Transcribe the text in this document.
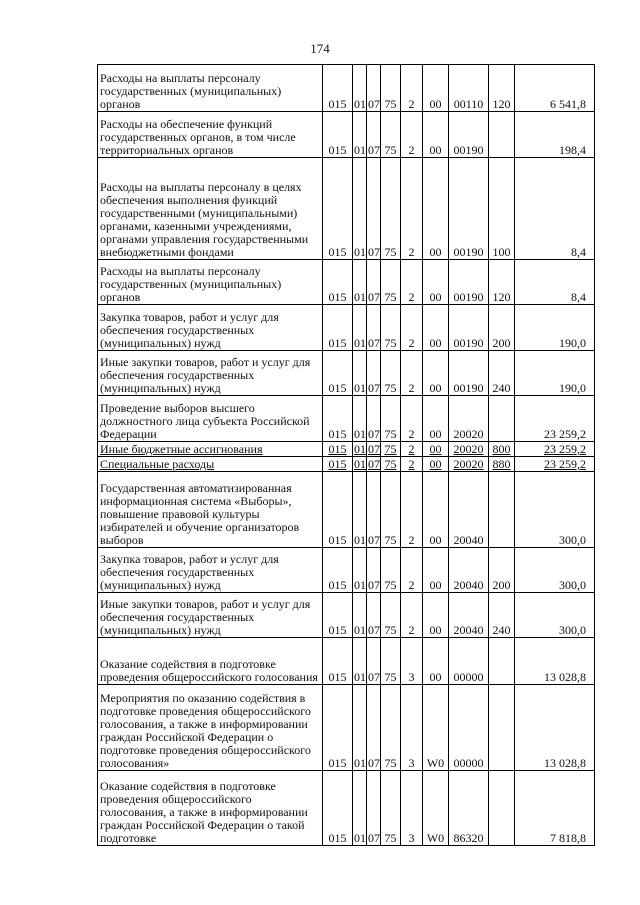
174
Расходы на выплаты персоналу государственных (муниципальных) органов	015	01	07	75	2	00	00110	120	6 541,8
Расходы на обеспечение функций государственных органов, в том числе территориальных органов	015	01	07	75	2	00	00190		198,4
Расходы на выплаты персоналу в целях обеспечения выполнения функций государственными (муниципальными) органами, казенными учреждениями, органами управления государственными внебюджетными фондами	015	01	07	75	2	00	00190	100	8,4
Расходы на выплаты персоналу государственных (муниципальных) органов	015	01	07	75	2	00	00190	120	8,4
Закупка товаров, работ и услуг для обеспечения государственных (муниципальных) нужд	015	01	07	75	2	00	00190	200	190,0
Иные закупки товаров, работ и услуг для обеспечения государственных (муниципальных) нужд	015	01	07	75	2	00	00190	240	190,0
Проведение выборов высшего должностного лица субъекта Российской Федерации	015	01	07	75	2	00	20020		23 259,2
Иные бюджетные ассигнования	015	01	07	75	2	00	20020	800	23 259,2
Специальные расходы	015	01	07	75	2	00	20020	880	23 259,2
Государственная автоматизированная информационная система «Выборы», повышение правовой культуры избирателей и обучение организаторов выборов	015	01	07	75	2	00	20040		300,0
Закупка товаров, работ и услуг для обеспечения государственных (муниципальных) нужд	015	01	07	75	2	00	20040	200	300,0
Иные закупки товаров, работ и услуг для обеспечения государственных (муниципальных) нужд	015	01	07	75	2	00	20040	240	300,0
Оказание содействия в подготовке проведения общероссийского голосования	015	01	07	75	3	00	00000		13 028,8
Мероприятия по оказанию содействия в подготовке проведения общероссийского голосования, а также в информировании граждан Российской Федерации о подготовке проведения общероссийского голосования»	015	01	07	75	3	W0	00000		13 028,8
Оказание содействия в подготовке проведения общероссийского голосования, а также в информировании граждан Российской Федерации о такой подготовке	015	01	07	75	3	W0	86320		7 818,8
